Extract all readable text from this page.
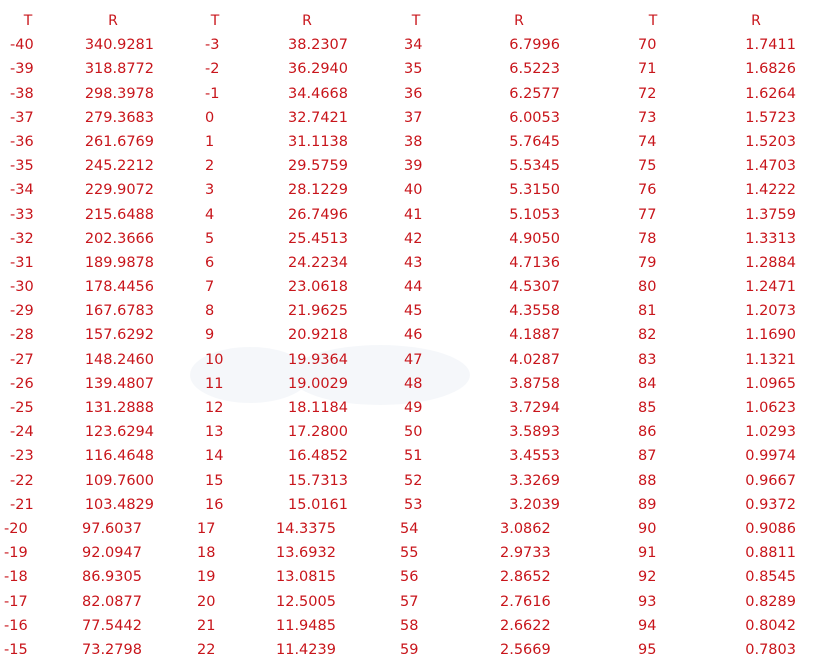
T
-40
-39
-38
-37
-36
-35
-34
-33
-32
-31
-30
-29
-28
-27
-26
-25
-24
-23
-22
-21
-20
-19
-18
-17
-16
-15
R
340.9281
318.8772
298.3978
279.3683
261.6769
245.2212
229.9072
215.6488
202.3666
189.9878
178.4456
167.6783
157.6292
148.2460
139.4807
131.2888
123.6294
116.4648
109.7600
103.4829
97.6037
92.0947
86.9305
82.0877
77.5442
73.2798
T
-3
-2
-1
0
1
2
3
4
5
6
7
8
9
10
11
12
13
14
15
16
17
18
19
20
21
22
R
38.2307
36.2940
34.4668
32.7421
31.1138
29.5759
28.1229
26.7496
25.4513
24.2234
23.0618
21.9625
20.9218
19.9364
19.0029
18.1184
17.2800
16.4852
15.7313
15.0161
14.3375
13.6932
13.0815
12.5005
11.9485
11.4239
T
34
35
36
37
38
39
40
41
42
43
44
45
46
47
48
49
50
51
52
53
54
55
56
57
58
59
R
6.7996
6.5223
6.2577
6.0053
5.7645
5.5345
5.3150
5.1053
4.9050
4.7136
4.5307
4.3558
4.1887
4.0287
3.8758
3.7294
3.5893
3.4553
3.3269
3.2039
3.0862
2.9733
2.8652
2.7616
2.6622
2.5669
T
70
71
72
73
74
75
76
77
78
79
80
81
82
83
84
85
86
87
88
89
90
91
92
93
94
95
R
1.7411
1.6826
1.6264
1.5723
1.5203
1.4703
1.4222
1.3759
1.3313
1.2884
1.2471
1.2073
1.1690
1.1321
1.0965
1.0623
1.0293
0.9974
0.9667
0.9372
0.9086
0.8811
0.8545
0.8289
0.8042
0.7803
